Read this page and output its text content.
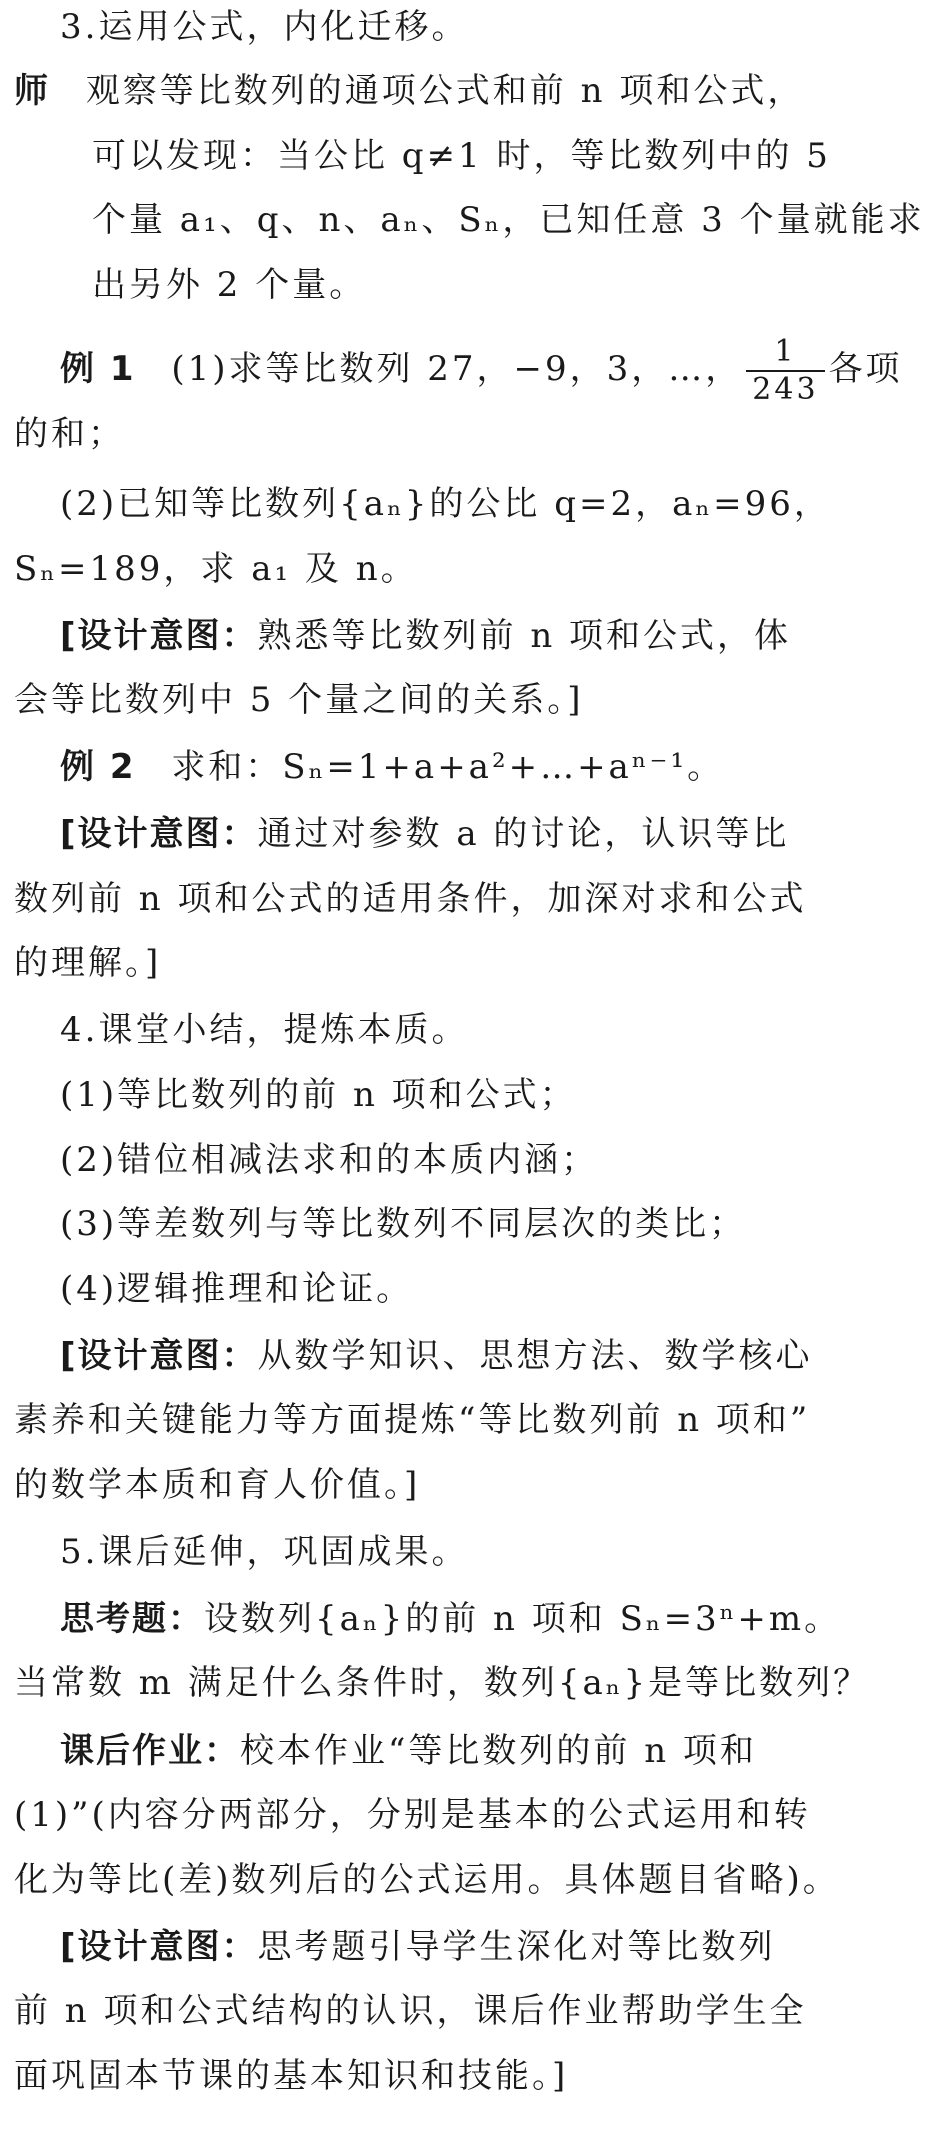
3.运用公式，内化迁移。
师 观察等比数列的通项公式和前 n 项和公式，
可以发现：当公比 q≠1 时，等比数列中的 5
个量 a₁、q、n、aₙ、Sₙ，已知任意 3 个量就能求
出另外 2 个量。
例 1 (1)求等比数列 27，−9，3，…， $\frac{1}{243}$ 各项
的和；
(2)已知等比数列{aₙ}的公比 q=2，aₙ=96，
Sₙ=189，求 a₁ 及 n。
[设计意图：熟悉等比数列前 n 项和公式，体
会等比数列中 5 个量之间的关系。]
例 2 求和：Sₙ=1+a+a²+…+aⁿ⁻¹。
[设计意图：通过对参数 a 的讨论，认识等比
数列前 n 项和公式的适用条件，加深对求和公式
的理解。]
4.课堂小结，提炼本质。
(1)等比数列的前 n 项和公式；
(2)错位相减法求和的本质内涵；
(3)等差数列与等比数列不同层次的类比；
(4)逻辑推理和论证。
[设计意图：从数学知识、思想方法、数学核心
素养和关键能力等方面提炼“等比数列前 n 项和”
的数学本质和育人价值。]
5.课后延伸，巩固成果。
思考题：设数列{aₙ}的前 n 项和 Sₙ=3ⁿ+m。
当常数 m 满足什么条件时，数列{aₙ}是等比数列？
课后作业：校本作业“等比数列的前 n 项和
(1)”(内容分两部分，分别是基本的公式运用和转
化为等比(差)数列后的公式运用。具体题目省略)。
[设计意图：思考题引导学生深化对等比数列
前 n 项和公式结构的认识，课后作业帮助学生全
面巩固本节课的基本知识和技能。]
